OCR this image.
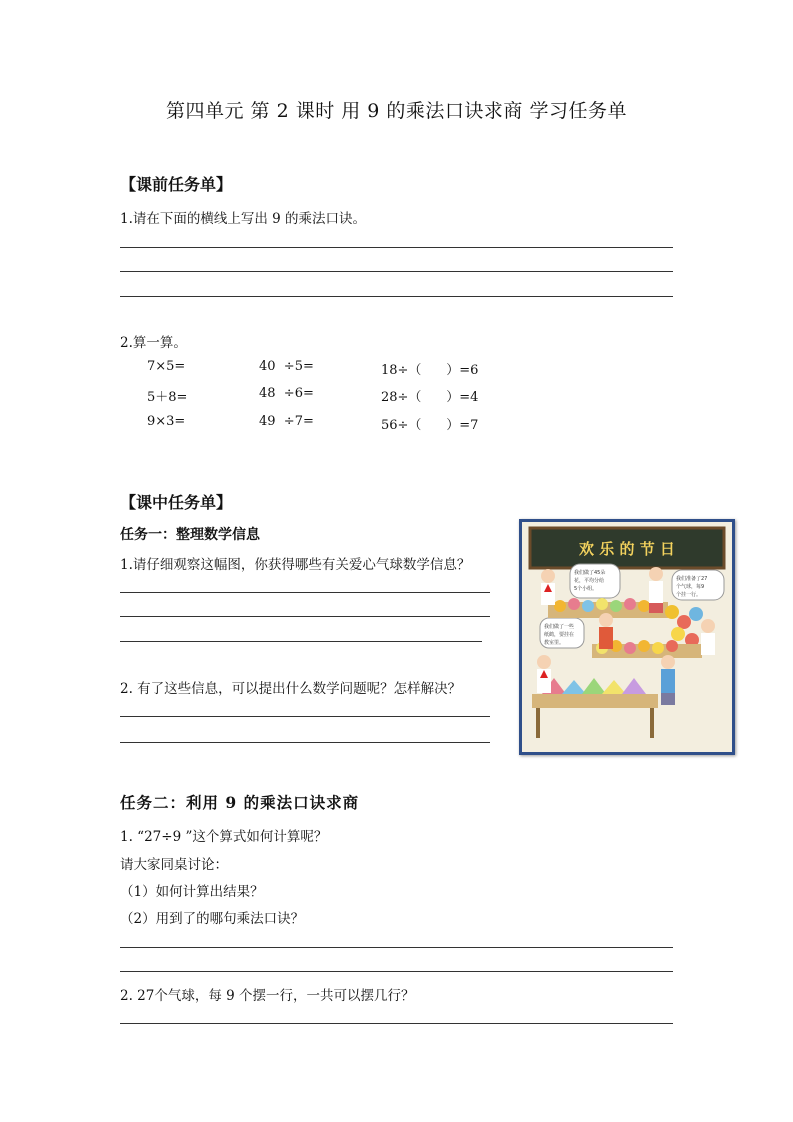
第四单元 第 2 课时 用 9 的乘法口诀求商 学习任务单
【课前任务单】
1.请在下面的横线上写出 9 的乘法口诀。
2.算一算。
7×5=	40  ÷5=	18÷（      ）=6
5＋8=	48  ÷6=	28÷（      ）=4
9×3=	49  ÷7=	56÷（      ）=7
【课中任务单】
任务一：整理数学信息
1.请仔细观察这幅图，你获得哪些有关爱心气球数学信息？
2. 有了这些信息，可以提出什么数学问题呢？怎样解决？
欢 乐 的 节 日
我们做了45朵
花，平均分给
5个小组。
我们准备了27
个气球，每9
个挂一行。
我们做了一些
纸鹤，要挂在
教室里。
任务二：利用 9 的乘法口诀求商
1. “27÷9 ”这个算式如何计算呢？
请大家同桌讨论：
（1）如何计算出结果？
（2）用到了的哪句乘法口诀？
2. 27个气球，每 9 个摆一行，一共可以摆几行？
